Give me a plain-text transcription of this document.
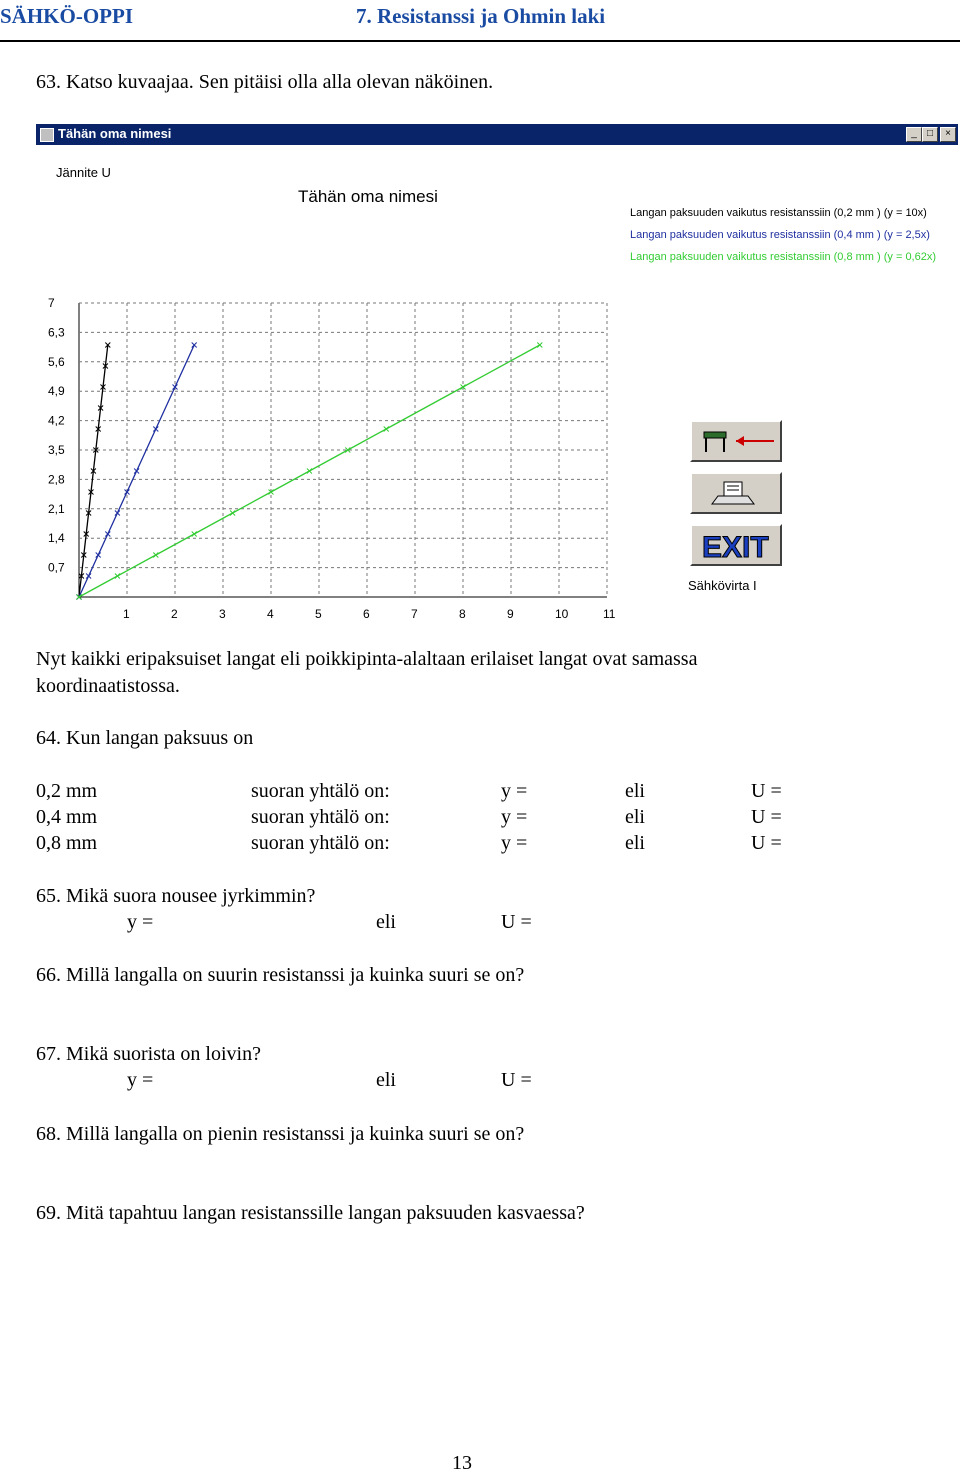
SÄHKÖ-OPPI	7. Resistanssi ja Ohmin laki
63. Katso kuvaajaa. Sen pitäisi olla alla olevan näköinen.
Tähän oma nimesi	_	□	×
Jännite U
Tähän oma nimesi
0,7
1,4
2,1
2,8
3,5
4,2
4,9
5,6
6,3
7
1	2	3	4	5	6	7	8	9	10	11
Langan paksuuden vaikutus resistanssiin (0,2 mm ) (y = 10x)
Langan paksuuden vaikutus resistanssiin (0,4 mm ) (y = 2,5x)
Langan paksuuden vaikutus resistanssiin (0,8 mm ) (y = 0,62x)
EXIT
Sähkövirta I
Nyt kaikki eripaksuiset langat eli poikkipinta-alaltaan erilaiset langat ovat samassa
koordinaatistossa.
64. Kun langan paksuus on
0,2 mm	suoran yhtälö on:	y =	eli	U =
0,4 mm	suoran yhtälö on:	y =	eli	U =
0,8 mm	suoran yhtälö on:	y =	eli	U =
65. Mikä suora nousee jyrkimmin?
y =	eli	U =
66. Millä langalla on suurin resistanssi ja kuinka suuri se on?
67. Mikä suorista on loivin?
y =	eli	U =
68. Millä langalla on pienin resistanssi ja kuinka suuri se on?
69. Mitä tapahtuu langan resistanssille langan paksuuden kasvaessa?
13
